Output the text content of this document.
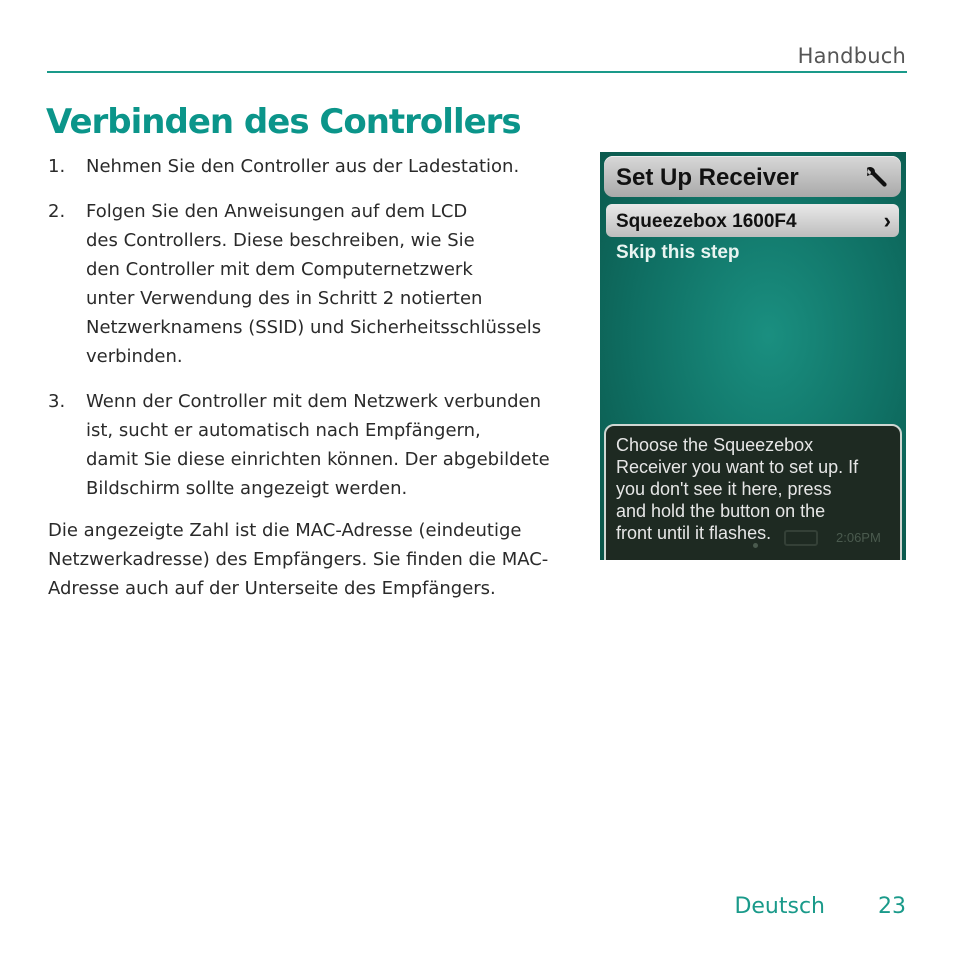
Handbuch
Verbinden des Controllers
1.	Nehmen Sie den Controller aus der Ladestation.
2.	Folgen Sie den Anweisungen auf dem LCD
des Controllers. Diese beschreiben, wie Sie
den Controller mit dem Computernetzwerk
unter Verwendung des in Schritt 2 notierten
Netzwerknamens (SSID) und Sicherheitsschlüssels
verbinden.
3.	Wenn der Controller mit dem Netzwerk verbunden
ist, sucht er automatisch nach Empfängern,
damit Sie diese einrichten können. Der abgebildete
Bildschirm sollte angezeigt werden.

Die angezeigte Zahl ist die MAC-Adresse (eindeutige
Netzwerkadresse) des Empfängers. Sie finden die MAC-
Adresse auch auf der Unterseite des Empfängers.

Set Up Receiver
Squeezebox 1600F4	›
Skip this step
Choose the Squeezebox
Receiver you want to set up. If
you don't see it here, press
and hold the button on the
front until it flashes.	2:06PM
Deutsch 23
